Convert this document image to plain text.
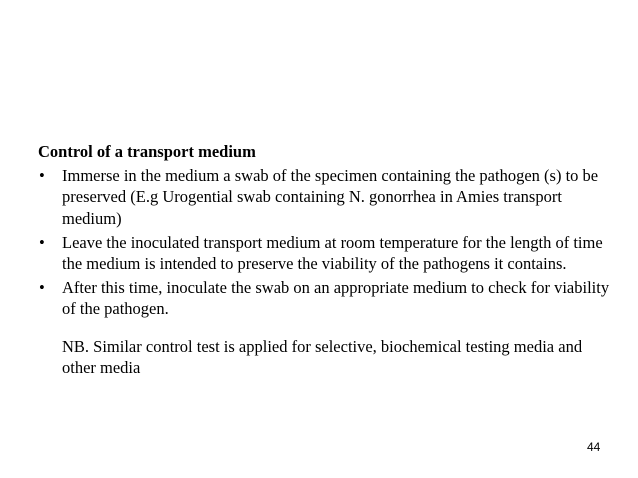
Control of a transport medium
• Immerse in the medium a swab of the specimen containing the pathogen (s) to be preserved (E.g Urogential swab containing N. gonorrhea in Amies transport medium)
• Leave the inoculated transport medium at room temperature for the length of time the medium is intended to preserve the viability of the pathogens it contains.
• After this time, inoculate the swab on an appropriate medium to check for viability of the pathogen.
NB. Similar control test is applied for selective, biochemical testing media and other media
44
